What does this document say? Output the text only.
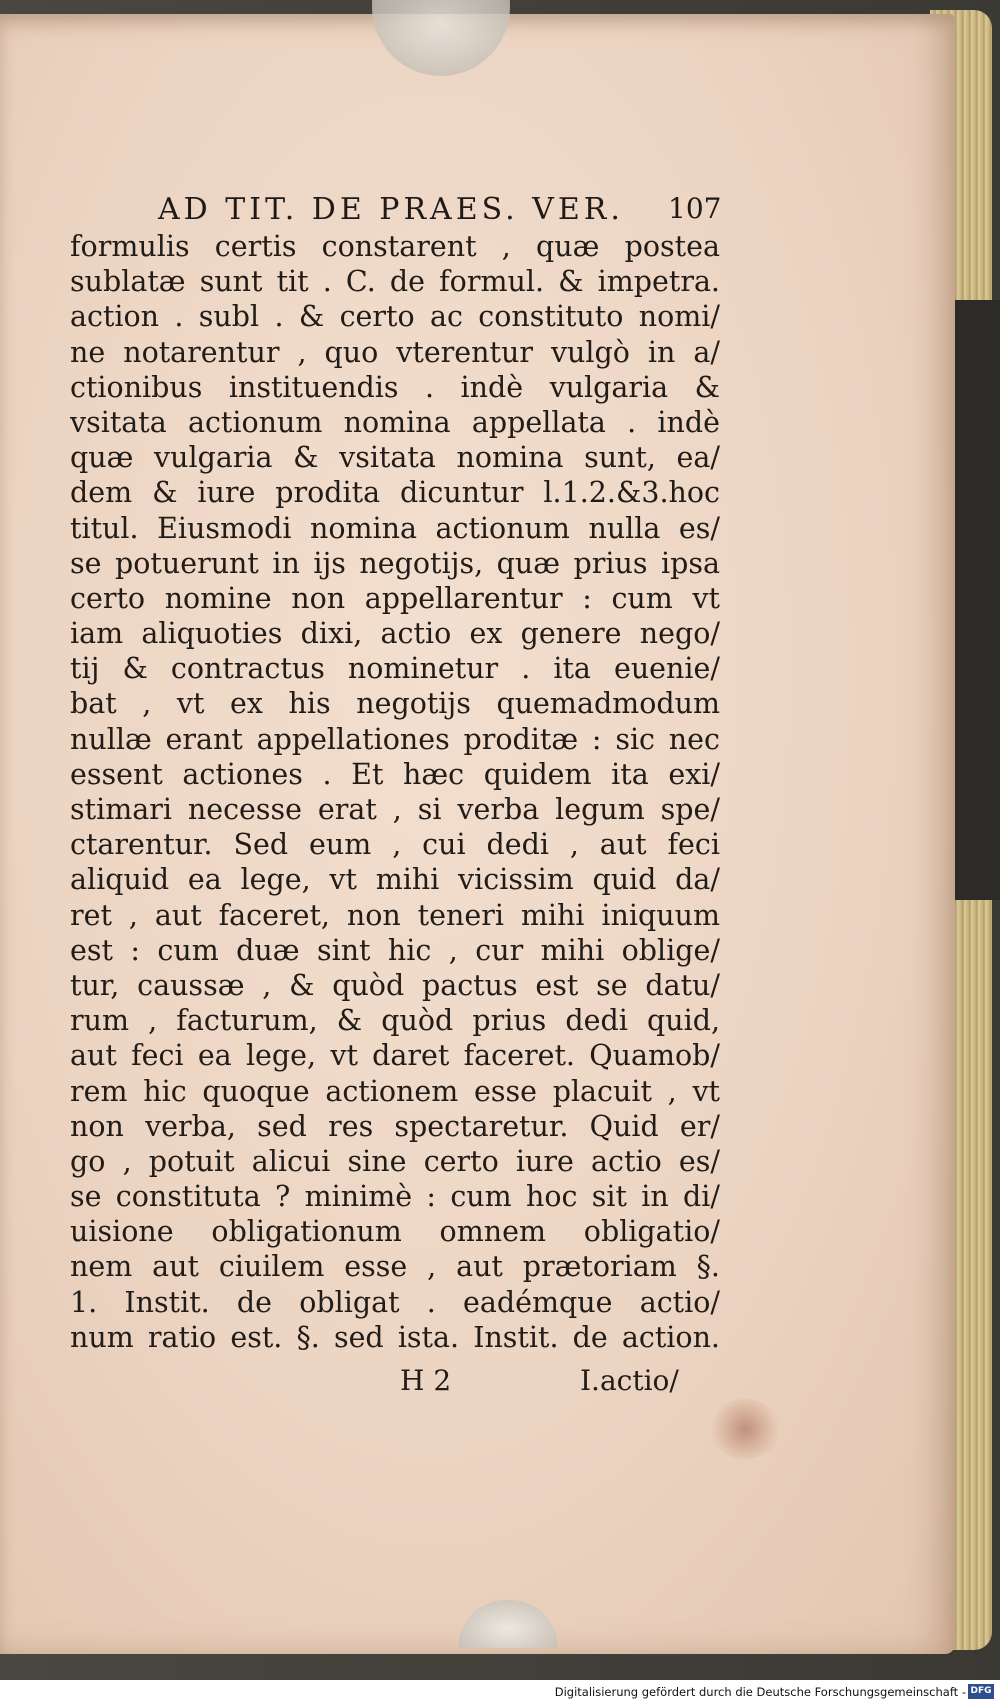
AD TIT. DE PRAES. VER.	107
formulis certis constarent , quæ postea
sublatæ sunt tit . C. de formul. & impetra.
action . subl . & certo ac constituto nomi/
ne notarentur , quo vterentur vulgò in a/
ctionibus instituendis . indè vulgaria &
vsitata actionum nomina appellata . indè
quæ vulgaria & vsitata nomina sunt, ea/
dem & iure prodita dicuntur l.1.2.&3.hoc
titul. Eiusmodi nomina actionum nulla es/
se potuerunt in ijs negotijs, quæ prius ipsa
certo nomine non appellarentur : cum vt
iam aliquoties dixi, actio ex genere nego/
tij & contractus nominetur . ita euenie/
bat , vt ex his negotijs quemadmodum
nullæ erant appellationes proditæ : sic nec
essent actiones . Et hæc quidem ita exi/
stimari necesse erat , si verba legum spe/
ctarentur. Sed eum , cui dedi , aut feci
aliquid ea lege, vt mihi vicissim quid da/
ret , aut faceret, non teneri mihi iniquum
est : cum duæ sint hic , cur mihi oblige/
tur, caussæ , & quòd pactus est se datu/
rum , facturum, & quòd prius dedi quid,
aut feci ea lege, vt daret faceret. Quamob/
rem hic quoque actionem esse placuit , vt
non verba, sed res spectaretur. Quid er/
go , potuit alicui sine certo iure actio es/
se constituta ? minimè : cum hoc sit in di/
uisione obligationum omnem obligatio/
nem aut ciuilem esse , aut prætoriam §.
1. Instit. de obligat . eadémque actio/
num ratio est. §. sed ista. Instit. de action.
H 2	I.actio/
Digitalisierung gefördert durch die Deutsche Forschungsgemeinschaft - DFG
